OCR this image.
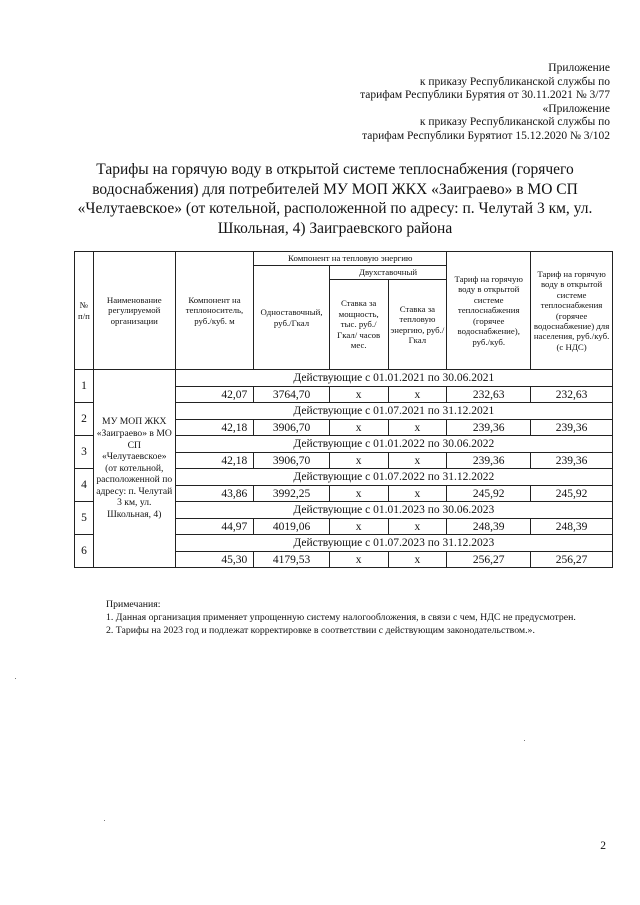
Приложение
к приказу Республиканской службы по
тарифам Республики Бурятия от 30.11.2021 № 3/77
«Приложение
к приказу Республиканской службы по
тарифам Республики Бурятиот 15.12.2020 № 3/102
Тарифы на горячую воду в открытой системе теплоснабжения (горячего
водоснабжения) для потребителей МУ МОП ЖКХ «Заиграево» в МО СП
«Челутаевское» (от котельной, расположенной по адресу: п. Челутай 3 км, ул.
Школьная, 4) Заиграевского района
№ п/п	Наименование регулируемой организации	Компонент на теплоноситель, руб./куб. м	Компонент на тепловую энергию			Тариф на горячую воду в открытой системе теплоснабжения (горячее водоснабжение), руб./куб.	Тариф на горячую воду в открытой системе теплоснабжения (горячее водоснабжение) для населения, руб./куб. (с НДС)
			Одноставочный, руб./Гкал	Двухставочный			
				Ставка за мощность, тыс. руб./Гкал/ часов мес.	Ставка за тепловую энергию, руб./Гкал		
1	МУ МОП ЖКХ «Заиграево» в МО СП «Челутаевское» (от котельной, расположенной по адресу: п. Челутай 3 км, ул. Школьная, 4)	Действующие с 01.01.2021 по 30.06.2021					
		42,07	3764,70	x	x	232,63	232,63
2		Действующие с 01.07.2021 по 31.12.2021					
		42,18	3906,70	x	x	239,36	239,36
3		Действующие с 01.01.2022 по 30.06.2022					
		42,18	3906,70	x	x	239,36	239,36
4		Действующие с 01.07.2022 по 31.12.2022					
		43,86	3992,25	x	x	245,92	245,92
5		Действующие с 01.01.2023 по 30.06.2023					
		44,97	4019,06	x	x	248,39	248,39
6		Действующие с 01.07.2023 по 31.12.2023					
		45,30	4179,53	x	x	256,27	256,27

Примечания:

1. Данная организация применяет упрощенную систему налогообложения, в связи с чем, НДС не предусмотрен.

2. Тарифы на 2023 год и подлежат корректировке в соответствии с действующим законодательством.».

2
